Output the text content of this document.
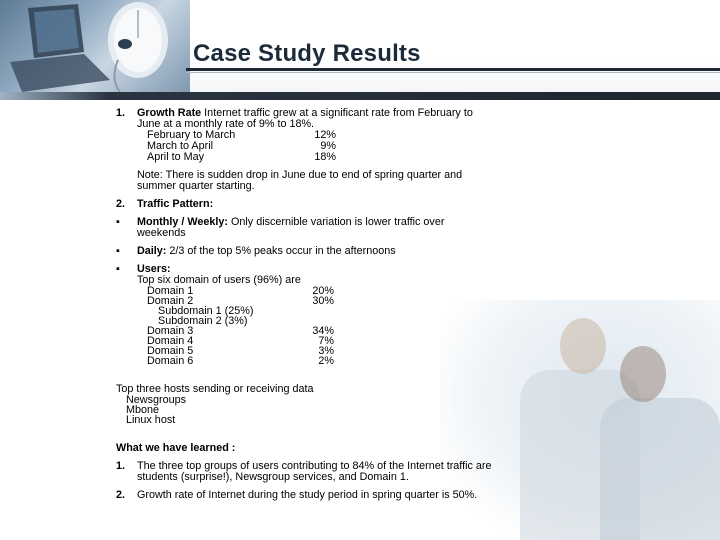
Case Study Results
1. Growth Rate Internet traffic grew at a significant rate from February to
June at a monthly rate of 9% to 18%.
February to March	12%
March to April	9%
April to May	18%
Note: There is sudden drop in June due to end of spring quarter and
summer quarter starting.
2. Traffic Pattern:
▪ Monthly / Weekly: Only discernible variation is lower traffic over
weekends
▪ Daily: 2/3 of the top 5% peaks occur in the afternoons
▪ Users:
Top six domain of users (96%) are
Domain 1	20%
Domain 2	30%
Subdomain 1 (25%)
Subdomain 2 (3%)
Domain 3	34%
Domain 4	7%
Domain 5	3%
Domain 6	2%
Top three hosts sending or receiving data
Newsgroups
Mbone
Linux host
What we have learned :
1. The three top groups of users contributing to 84% of the Internet traffic are
students (surprise!), Newsgroup services, and Domain 1.
2. Growth rate of Internet during the study period in spring quarter is 50%.
